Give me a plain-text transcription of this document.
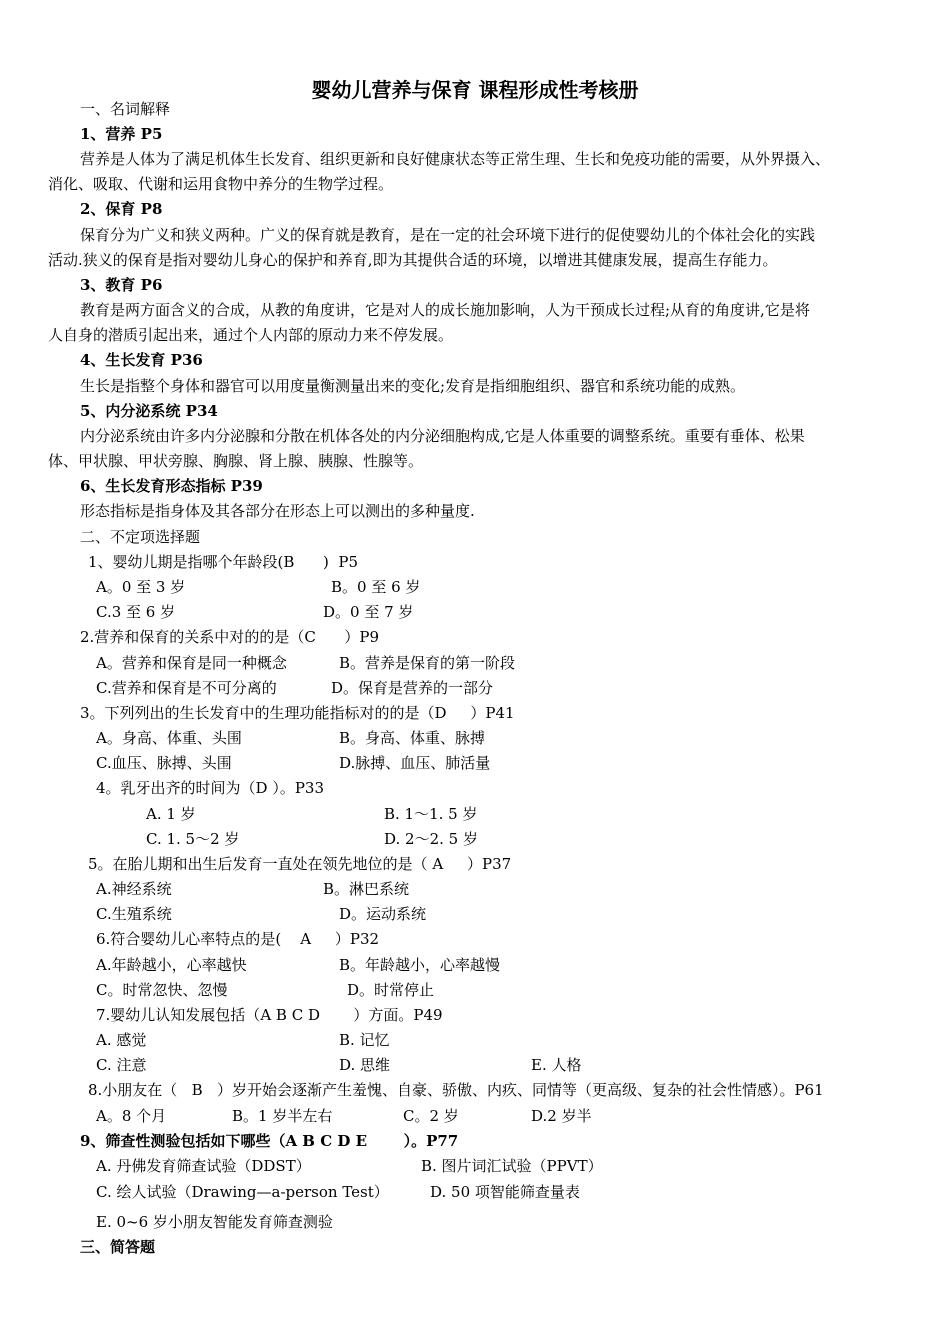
婴幼儿营养与保育 课程形成性考核册
一、名词解释
1、营养 P5
营养是人体为了满足机体生长发育、组织更新和良好健康状态等正常生理、生长和免疫功能的需要，从外界摄入、
消化、吸取、代谢和运用食物中养分的生物学过程。
2、保育 P8
保育分为广义和狭义两种。广义的保育就是教育，是在一定的社会环境下进行的促使婴幼儿的个体社会化的实践
活动.狭义的保育是指对婴幼儿身心的保护和养育,即为其提供合适的环境，以增进其健康发展，提高生存能力。
3、教育 P6
教育是两方面含义的合成，从教的角度讲，它是对人的成长施加影响，人为干预成长过程;从育的角度讲,它是将
人自身的潜质引起出来，通过个人内部的原动力来不停发展。
4、生长发育 P36
生长是指整个身体和器官可以用度量衡测量出来的变化;发育是指细胞组织、器官和系统功能的成熟。
5、内分泌系统 P34
内分泌系统由许多内分泌腺和分散在机体各处的内分泌细胞构成,它是人体重要的调整系统。重要有垂体、松果
体、甲状腺、甲状旁腺、胸腺、肾上腺、胰腺、性腺等。
6、生长发育形态指标 P39
形态指标是指身体及其各部分在形态上可以测出的多种量度.
二、不定项选择题
1、婴幼儿期是指哪个年龄段(B      )  P5
A。0 至 3 岁	B。0 至 6 岁
C.3 至 6 岁	D。0 至 7 岁
2.营养和保育的关系中对的的是（C      ）P9
A。营养和保育是同一种概念	B。营养是保育的第一阶段
C.营养和保育是不可分离的	D。保育是营养的一部分
3。下列列出的生长发育中的生理功能指标对的的是（D     ）P41
A。身高、体重、头围	B。身高、体重、脉搏
C.血压、脉搏、头围	D.脉搏、血压、肺活量
4。乳牙出齐的时间为（D ）。P33
A. 1 岁	B. 1～1. 5 岁
C. 1. 5～2 岁	D. 2～2. 5 岁
5。在胎儿期和出生后发育一直处在领先地位的是（ A     ）P37
A.神经系统	B。淋巴系统
C.生殖系统	D。运动系统
6.符合婴幼儿心率特点的是(    A     ）P32
A.年龄越小，心率越快	B。年龄越小，心率越慢
C。时常忽快、忽慢	D。时常停止
7.婴幼儿认知发展包括（A B C D       ）方面。P49
A. 感觉	B. 记忆
C. 注意	D. 思维	E. 人格
8.小朋友在（   B   ）岁开始会逐渐产生羞愧、自豪、骄傲、内疚、同情等（更高级、复杂的社会性情感）。P61
A。8 个月	B。1 岁半左右	C。2 岁	D.2 岁半
9、筛查性测验包括如下哪些（A B C D E       ）。P77
A. 丹佛发育筛查试验（DDST）	B. 图片词汇试验（PPVT）
C. 绘人试验（Drawing—a-person Test）	D. 50 项智能筛查量表
E. 0~6 岁小朋友智能发育筛查测验
三、简答题
